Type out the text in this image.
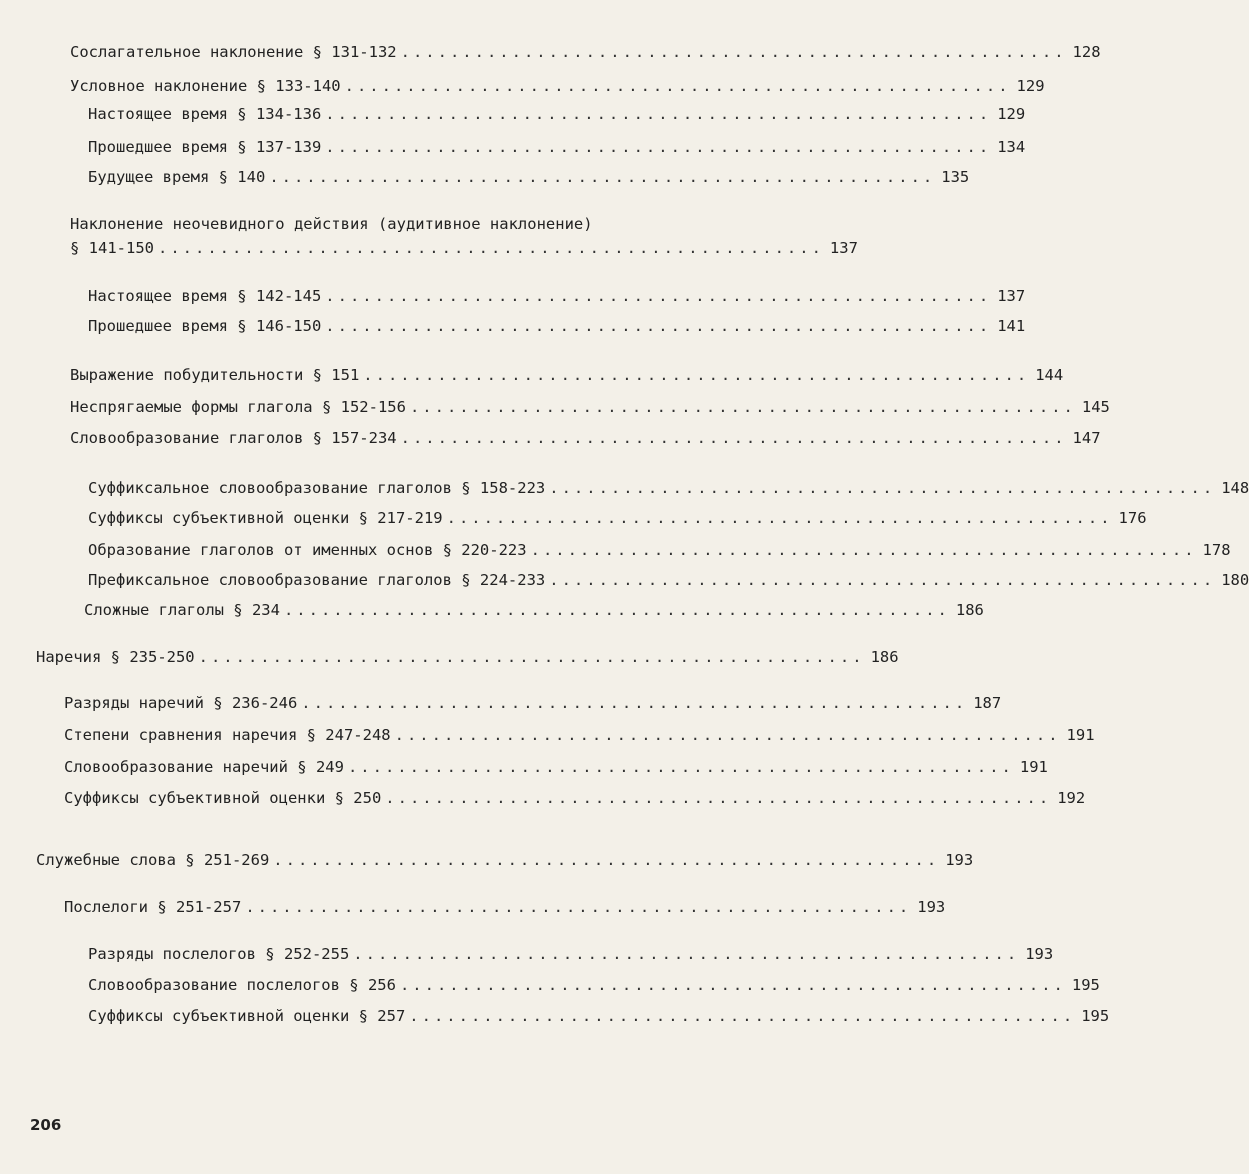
Сослагательное наклонение § 131-132 ...................................................... 128
Условное наклонение § 133-140 ...................................................... 129
Настоящее время § 134-136 ...................................................... 129
Прошедшее время § 137-139 ...................................................... 134
Будущее время § 140 ...................................................... 135
Наклонение неочевидного действия (аудитивное наклонение)
§ 141-150 ...................................................... 137
Настоящее время § 142-145 ...................................................... 137
Прошедшее время § 146-150 ...................................................... 141
Выражение побудительности § 151 ...................................................... 144
Неспрягаемые формы глагола § 152-156 ...................................................... 145
Словообразование глаголов § 157-234 ...................................................... 147
Суффиксальное словообразование глаголов § 158-223 ...................................................... 148
Суффиксы субъективной оценки § 217-219 ...................................................... 176
Образование глаголов от именных основ § 220-223 ...................................................... 178
Префиксальное словообразование глаголов § 224-233 ...................................................... 180
Сложные глаголы § 234 ...................................................... 186
Наречия § 235-250 ...................................................... 186
Разряды наречий § 236-246 ...................................................... 187
Степени сравнения наречия § 247-248 ...................................................... 191
Словообразование наречий § 249 ...................................................... 191
Суффиксы субъективной оценки § 250 ...................................................... 192
Служебные слова § 251-269 ...................................................... 193
Послелоги § 251-257 ...................................................... 193
Разряды послелогов § 252-255 ...................................................... 193
Словообразование послелогов § 256 ...................................................... 195
Суффиксы субъективной оценки § 257 ...................................................... 195
206
